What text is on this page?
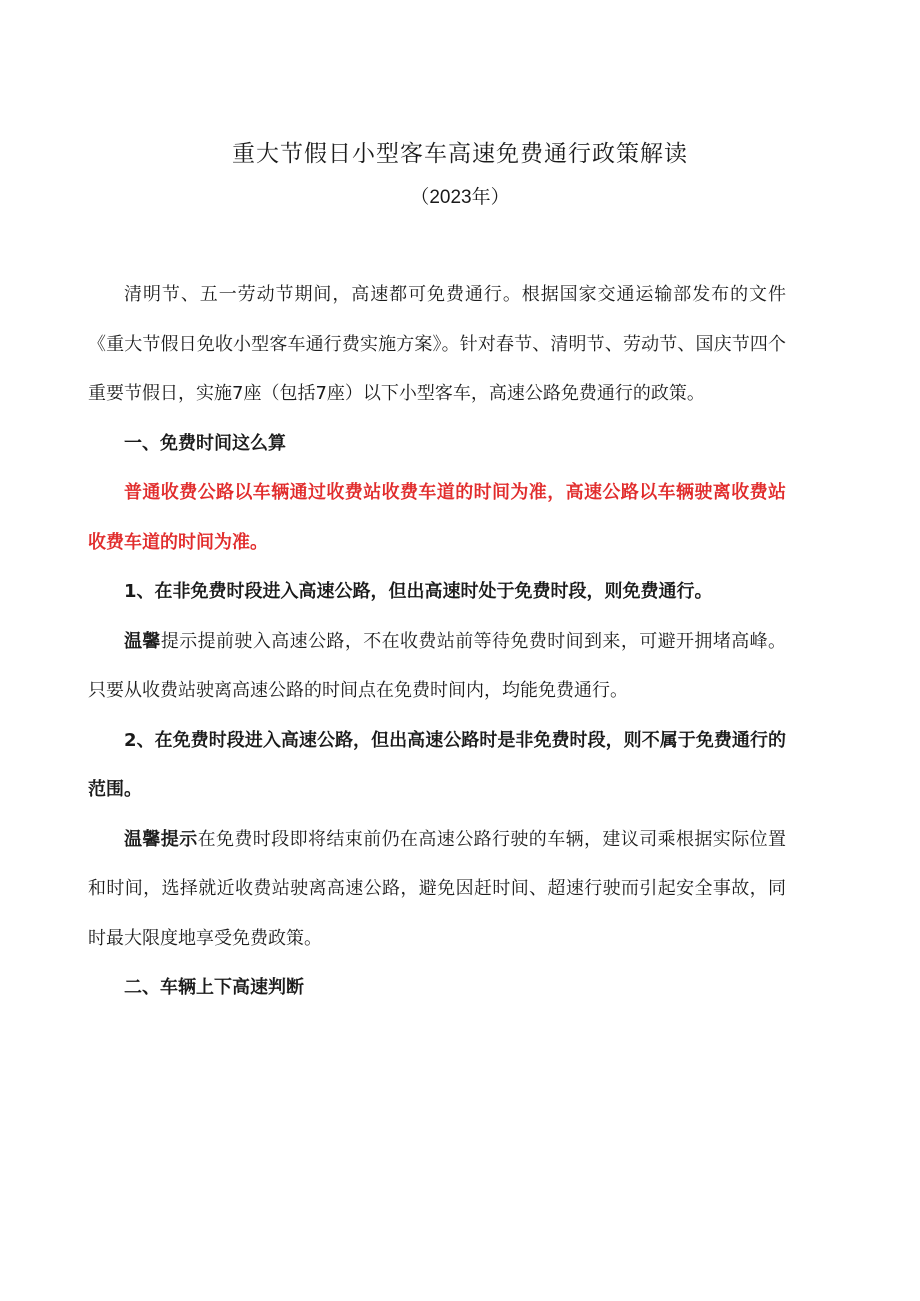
重大节假日小型客车高速免费通行政策解读
（2023年）

清明节、五一劳动节期间，高速都可免费通行。根据国家交通运输部发布的文件《重大节假日免收小型客车通行费实施方案》。针对春节、清明节、劳动节、国庆节四个重要节假日，实施7座（包括7座）以下小型客车，高速公路免费通行的政策。

一、免费时间这么算

普通收费公路以车辆通过收费站收费车道的时间为准，高速公路以车辆驶离收费站收费车道的时间为准。

1、在非免费时段进入高速公路，但出高速时处于免费时段，则免费通行。

温馨提示提前驶入高速公路，不在收费站前等待免费时间到来，可避开拥堵高峰。只要从收费站驶离高速公路的时间点在免费时间内，均能免费通行。

2、在免费时段进入高速公路，但出高速公路时是非免费时段，则不属于免费通行的范围。

温馨提示在免费时段即将结束前仍在高速公路行驶的车辆，建议司乘根据实际位置和时间，选择就近收费站驶离高速公路，避免因赶时间、超速行驶而引起安全事故，同时最大限度地享受免费政策。

二、车辆上下高速判断
